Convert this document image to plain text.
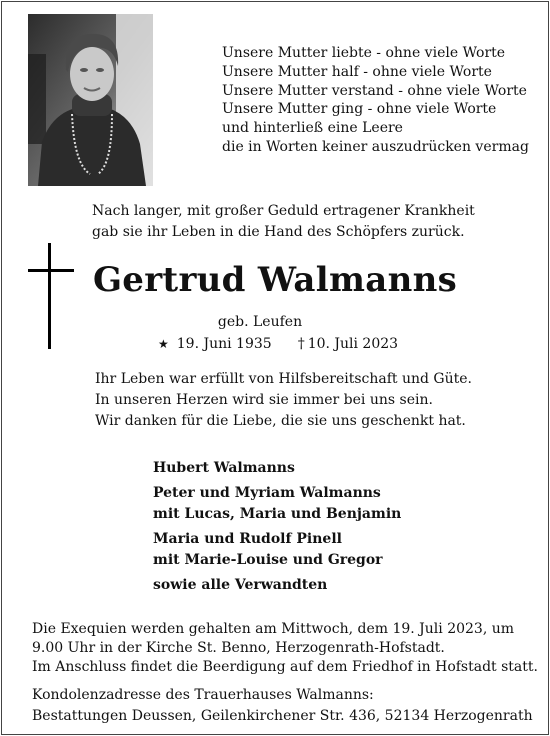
Unsere Mutter liebte - ohne viele Worte
Unsere Mutter half - ohne viele Worte
Unsere Mutter verstand - ohne viele Worte
Unsere Mutter ging - ohne viele Worte
und hinterließ eine Leere
die in Worten keiner auszudrücken vermag
Nach langer, mit großer Geduld ertragener Krankheit
gab sie ihr Leben in die Hand des Schöpfers zurück.
Gertrud Walmanns
geb. Leufen
★ 19. Juni 1935 † 10. Juli 2023
Ihr Leben war erfüllt von Hilfsbereitschaft und Güte.
In unseren Herzen wird sie immer bei uns sein.
Wir danken für die Liebe, die sie uns geschenkt hat.
Hubert Walmanns
Peter und Myriam Walmanns
mit Lucas, Maria und Benjamin
Maria und Rudolf Pinell
mit Marie-Louise und Gregor
sowie alle Verwandten
Die Exequien werden gehalten am Mittwoch, dem 19. Juli 2023, um
9.00 Uhr in der Kirche St. Benno, Herzogenrath-Hofstadt.
Im Anschluss findet die Beerdigung auf dem Friedhof in Hofstadt statt.
Kondolenzadresse des Trauerhauses Walmanns:
Bestattungen Deussen, Geilenkirchener Str. 436, 52134 Herzogenrath
